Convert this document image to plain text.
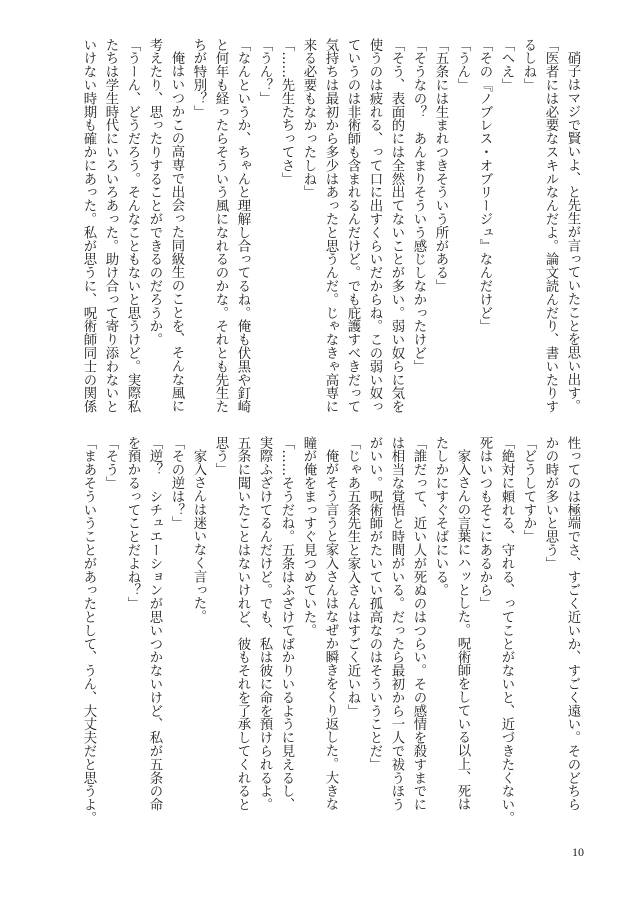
硝子はマジで賢いよ、と先生が言っていたことを思い出す。

「医者には必要なスキルなんだよ。論文読んだり、書いたりす

るしね」

「へえ」

「その『ノブレス・オブリージュ』なんだけど」

「うん」

「五条には生まれつきそういう所がある」

「そうなの？　あんまりそういう感じしなかったけど」

「そう、表面的には全然出てないことが多い。弱い奴らに気を

使うのは疲れる、って口に出すくらいだからね。この弱い奴っ

ていうのは非術師も含まれるんだけど。でも庇護すべきだって

気持ちは最初から多少はあったと思うんだ。じゃなきゃ高専に

来る必要もなかったしね」

「……先生たちってさ」

「うん？」

「なんというか、ちゃんと理解し合ってるね。俺も伏黒や釘崎

と何年も経ったらそういう風になれるのかな。それとも先生た

ちが特別？」

俺はいつかこの高専で出会った同級生のことを、そんな風に

考えたり、思ったりすることができるのだろうか。

「うーん、どうだろう。そんなこともないと思うけど。実際私

たちは学生時代にいろいろあった。助け合って寄り添わないと

いけない時期も確かにあった。私が思うに、呪術師同士の関係

性ってのは極端でさ、すごく近いか、すごく遠い。そのどちら

かの時が多いと思う」

「どうしてすか」

「絶対に頼れる、守れる、ってことがないと、近づきたくない。

死はいつもそこにあるから」

家入さんの言葉にハッとした。呪術師をしている以上、死は

たしかにすぐそばにいる。

「誰だって、近い人が死ぬのはつらい。その感情を殺すまでに

は相当な覚悟と時間がいる。だったら最初から一人で祓うほう

がいい。呪術師がたいてい孤高なのはそういうことだ」

「じゃあ五条先生と家入さんはすごく近いね」

俺がそう言うと家入さんはなぜか瞬きをくり返した。大きな

瞳が俺をまっすぐ見つめていた。

「……そうだね。五条はふざけてばかりいるように見えるし、

実際ふざけてるんだけど。でも、私は彼に命を預けられるよ。

五条に聞いたことはないけれど、彼もそれを了承してくれると

思う」

家入さんは迷いなく言った。

「その逆は？」

「逆？　シチュエーションが思いつかないけど、私が五条の命

を預かるってことだよね？」

「そう」

「まあそういうことがあったとして、うん、大丈夫だと思うよ。

10
